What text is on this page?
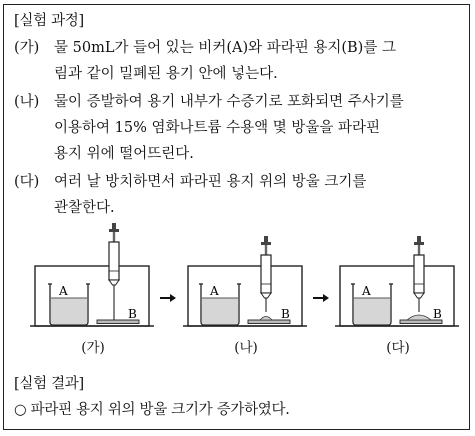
[실험 과정]
(가) 물 50mL가 들어 있는 비커(A)와 파라핀 용지(B)를 그
림과 같이 밀폐된 용기 안에 넣는다.
(나) 물이 증발하여 용기 내부가 수증기로 포화되면 주사기를
이용하여 15% 염화나트륨 수용액 몇 방울을 파라핀
용지 위에 떨어뜨린다.
(다) 여러 날 방치하면서 파라핀 용지 위의 방울 크기를
관찰한다.
A
B
A
B
A
B
(가)	(나)	(다)
[실험 결과]
○ 파라핀 용지 위의 방울 크기가 증가하였다.
